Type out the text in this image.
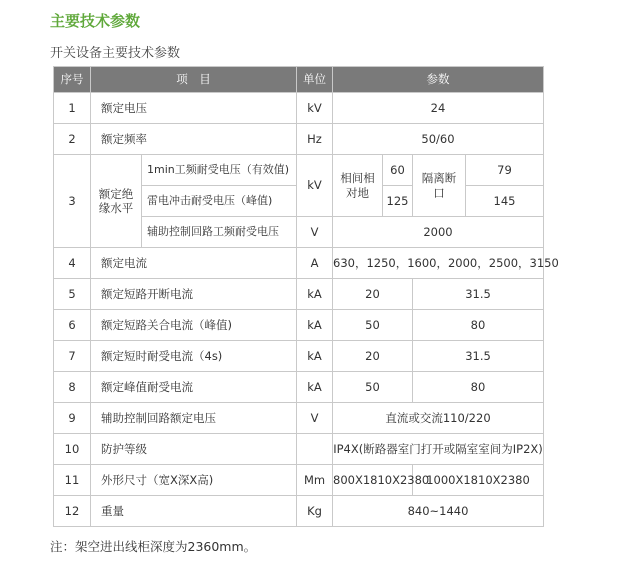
主要技术参数
开关设备主要技术参数
序号	项　目		单位	参数			
1	额定电压		kV	24			
2	额定频率		Hz	50/60			
3	额定绝缘水平	1min工频耐受电压（有效值)	kV	相间相对地	60	隔离断口	79
		雷电冲击耐受电压（峰值)			125		145
		辅助控制回路工频耐受电压	V	2000			
4	额定电流		A	630，1250，1600，2000，2500，3150			
5	额定短路开断电流		kA	20		31.5	
6	额定短路关合电流（峰值)		kA	50		80	
7	额定短时耐受电流（4s)		kA	20		31.5	
8	额定峰值耐受电流		kA	50		80	
9	辅助控制回路额定电压		V	直流或交流110/220			
10	防护等级			IP4X(断路器室门打开或隔室室间为IP2X)			
11	外形尺寸（宽X深X高)		Mm	800X1810X2380		1000X1810X2380	
12	重量		Kg	840~1440			
注：架空进出线柜深度为2360mm。
